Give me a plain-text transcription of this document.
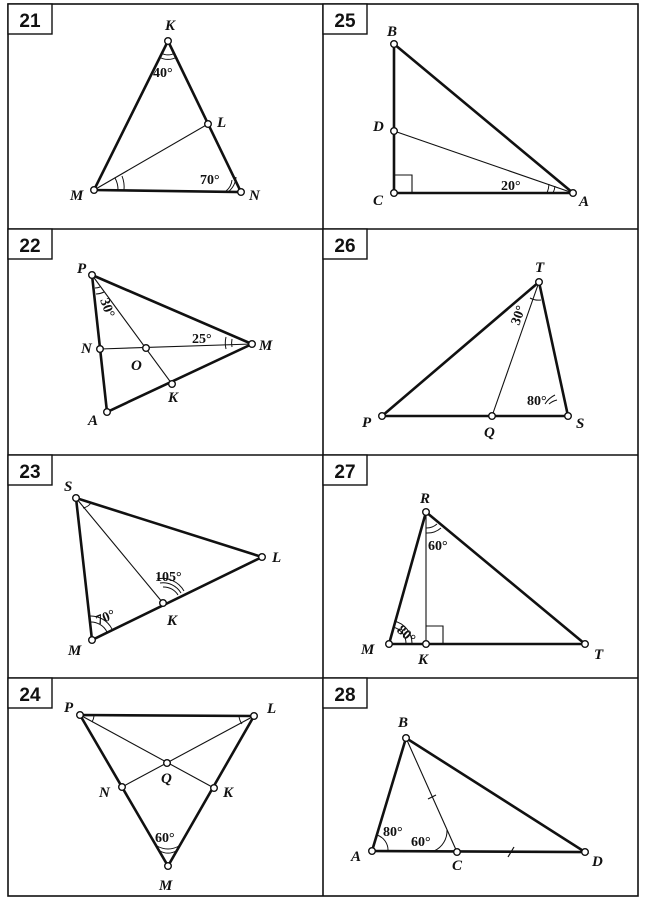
21	K
L
M	N
40°
70°
22
P
N
O
M
K
A
30°
25°
23
S
L
K
M
105°
70°
24
P	L
Q
N	K
M
60°
25 B
D
C	A
20°
26
T
P
Q
S
30°
80°
27
R
M
K	T
60°
80°
28
B
A
C	D
80°
60°
